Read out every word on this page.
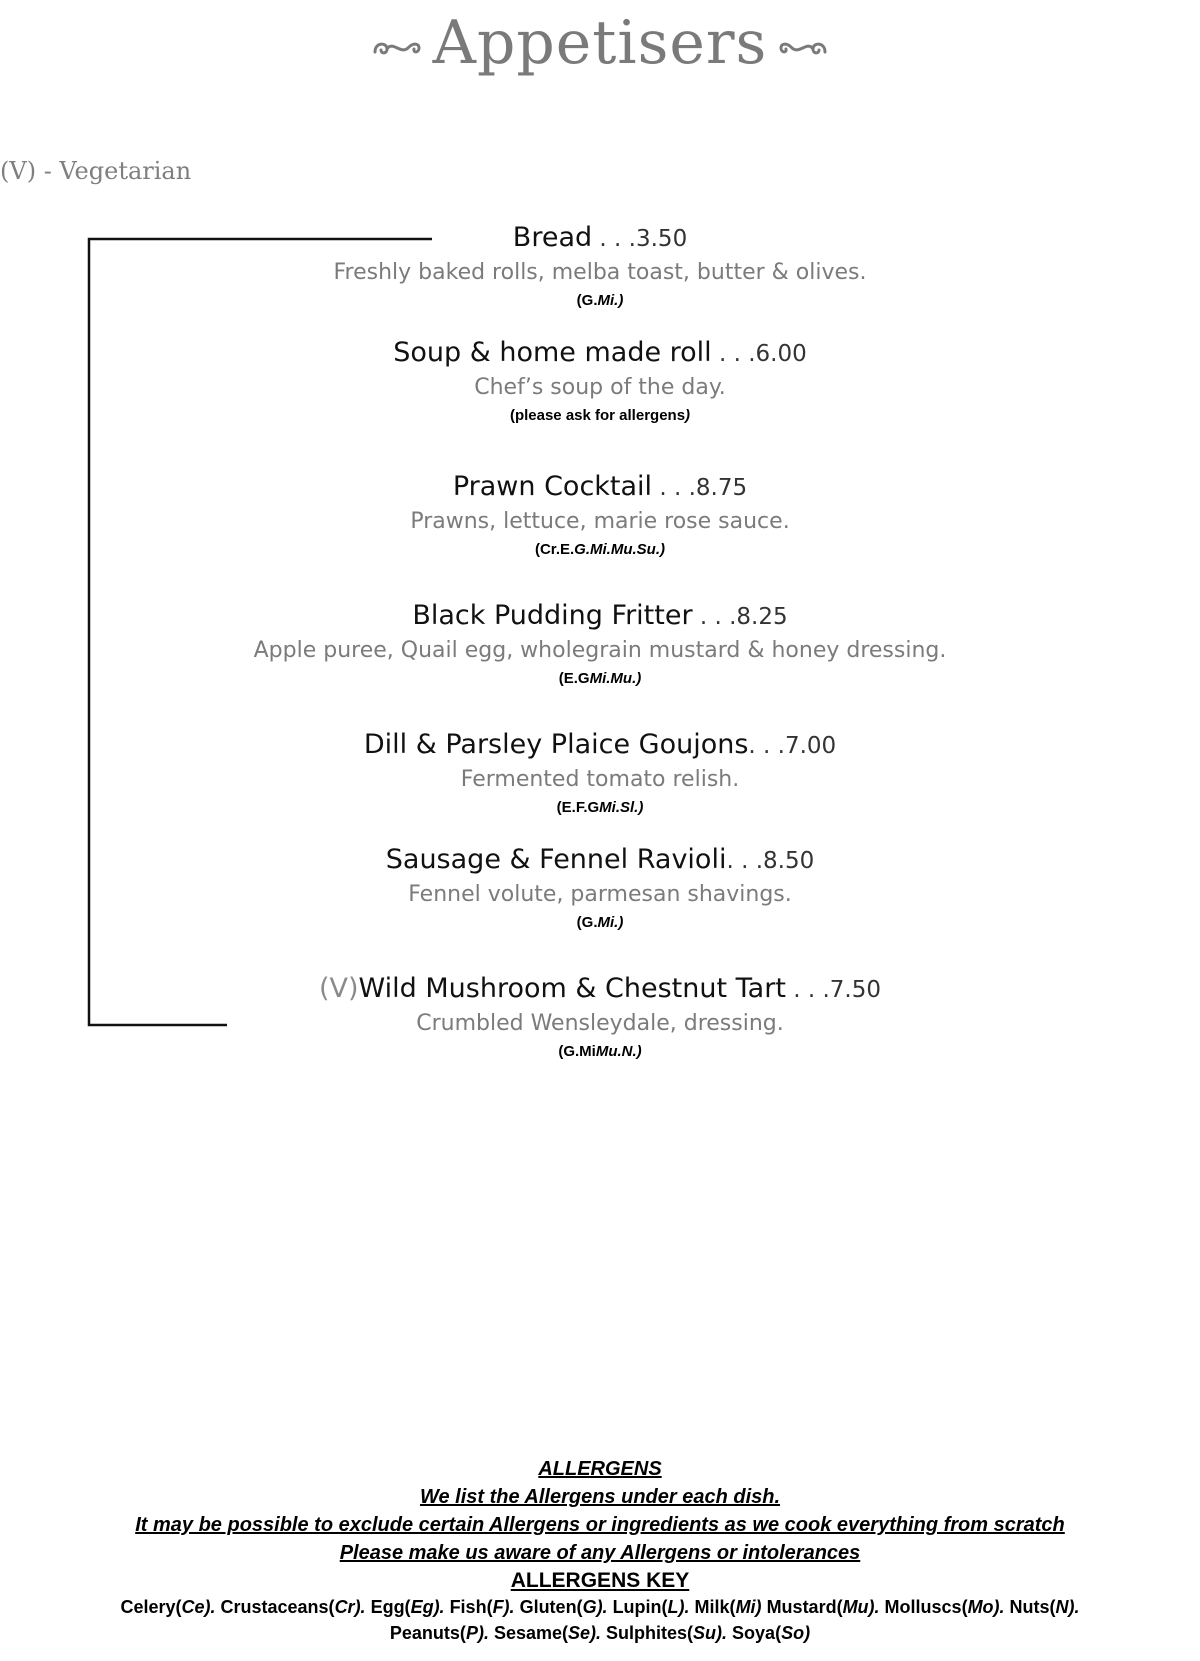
Appetisers
(V) - Vegetarian
Bread . . .3.50
Freshly baked rolls, melba toast, butter & olives.
(G.Mi.)
Soup & home made roll . . .6.00
Chef’s soup of the day.
(please ask for allergens)
Prawn Cocktail . . .8.75
Prawns, lettuce, marie rose sauce.
(Cr.E.G.Mi.Mu.Su.)
Black Pudding Fritter . . .8.25
Apple puree, Quail egg, wholegrain mustard & honey dressing.
(E.GMi.Mu.)
Dill & Parsley Plaice Goujons. . .7.00
Fermented tomato relish.
(E.F.GMi.Sl.)
Sausage & Fennel Ravioli. . .8.50
Fennel volute, parmesan shavings.
(G.Mi.)
(V)Wild Mushroom & Chestnut Tart . . .7.50
Crumbled Wensleydale, dressing.
(G.MiMu.N.)
ALLERGENS
We list the Allergens under each dish.
It may be possible to exclude certain Allergens or ingredients as we cook everything from scratch
Please make us aware of any Allergens or intolerances
ALLERGENS KEY
Celery(Ce). Crustaceans(Cr). Egg(Eg). Fish(F). Gluten(G). Lupin(L). Milk(Mi) Mustard(Mu). Molluscs(Mo). Nuts(N).
Peanuts(P). Sesame(Se). Sulphites(Su). Soya(So)
